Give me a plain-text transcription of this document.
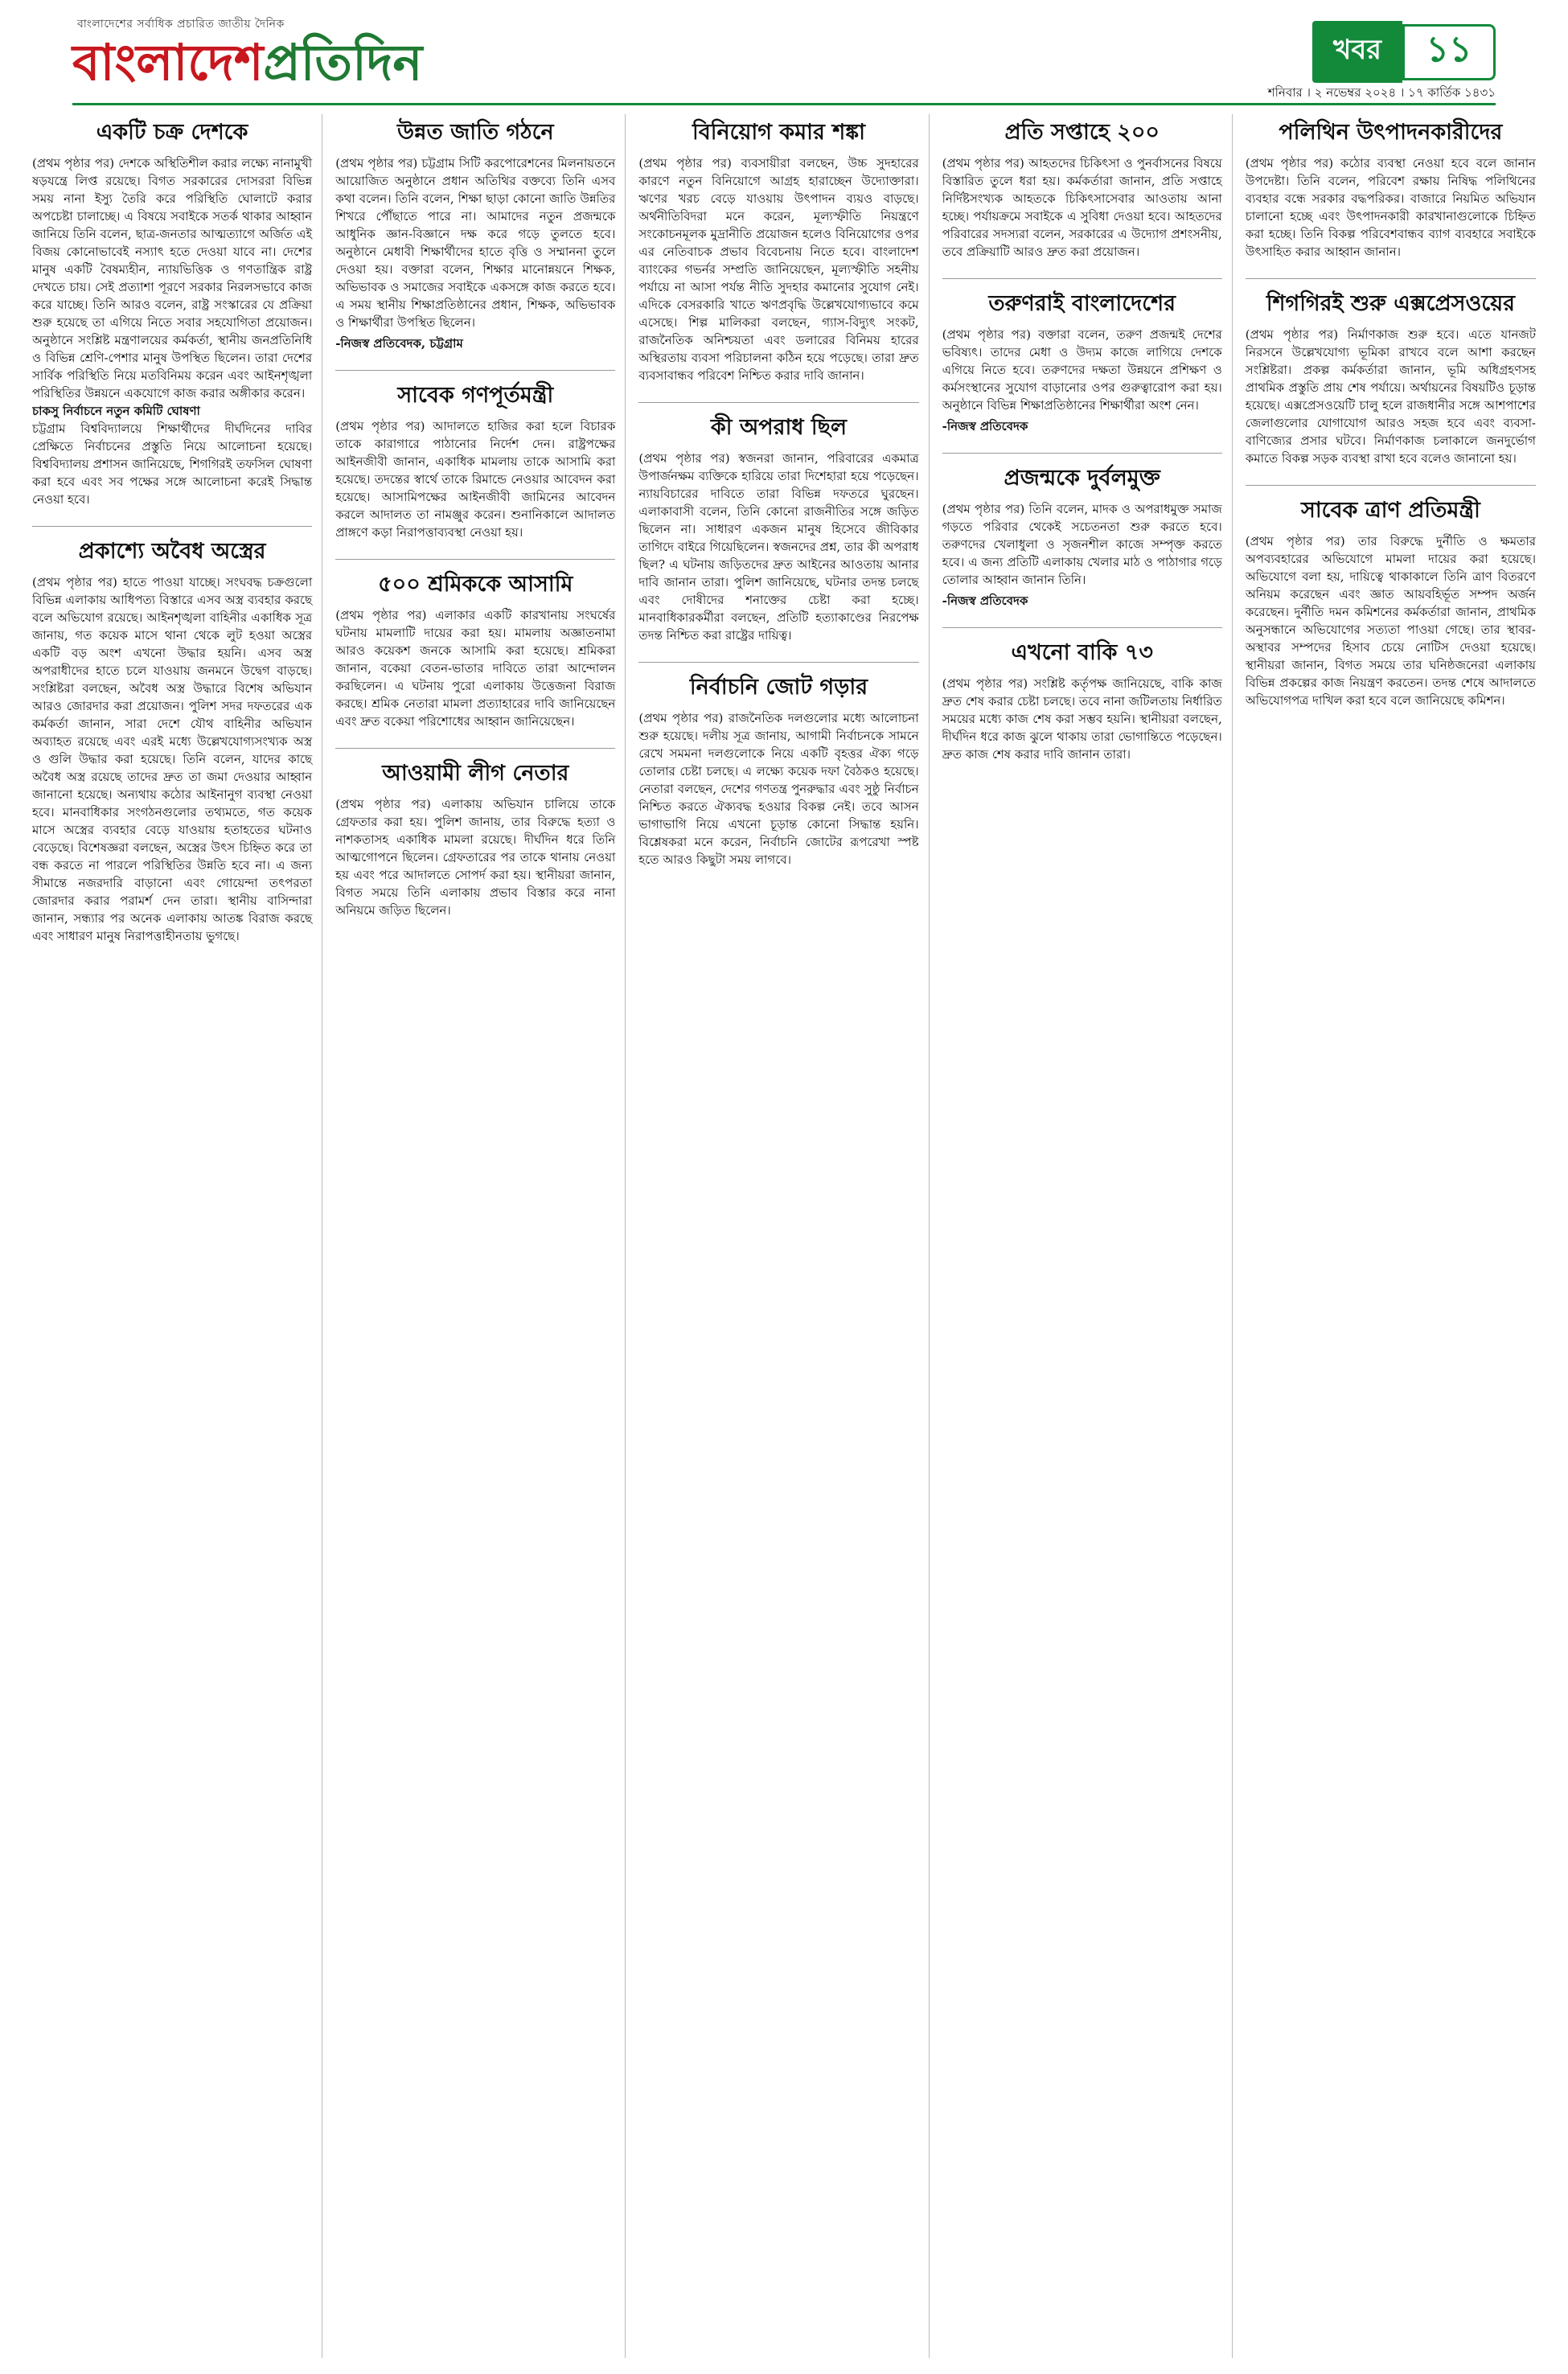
বাংলাদেশের সর্বাধিক প্রচারিত জাতীয় দৈনিক
বাংলাদেশপ্রতিদিন	খবর	১১
শনিবার । ২ নভেম্বর ২০২৪ । ১৭ কার্তিক ১৪৩১
একটি চক্র দেশকে

(প্রথম পৃষ্ঠার পর) দেশকে অস্থিতিশীল করার লক্ষ্যে নানামুখী ষড়যন্ত্রে লিপ্ত রয়েছে। বিগত সরকারের দোসররা বিভিন্ন সময় নানা ইস্যু তৈরি করে পরিস্থিতি ঘোলাটে করার অপচেষ্টা চালাচ্ছে। এ বিষয়ে সবাইকে সতর্ক থাকার আহ্বান জানিয়ে তিনি বলেন, ছাত্র-জনতার আত্মত্যাগে অর্জিত এই বিজয় কোনোভাবেই নস্যাৎ হতে দেওয়া যাবে না। দেশের মানুষ একটি বৈষম্যহীন, ন্যায়ভিত্তিক ও গণতান্ত্রিক রাষ্ট্র দেখতে চায়। সেই প্রত্যাশা পূরণে সরকার নিরলসভাবে কাজ করে যাচ্ছে। তিনি আরও বলেন, রাষ্ট্র সংস্কারের যে প্রক্রিয়া শুরু হয়েছে তা এগিয়ে নিতে সবার সহযোগিতা প্রয়োজন। অনুষ্ঠানে সংশ্লিষ্ট মন্ত্রণালয়ের কর্মকর্তা, স্থানীয় জনপ্রতিনিধি ও বিভিন্ন শ্রেণি-পেশার মানুষ উপস্থিত ছিলেন। তারা দেশের সার্বিক পরিস্থিতি নিয়ে মতবিনিময় করেন এবং আইনশৃঙ্খলা পরিস্থিতির উন্নয়নে একযোগে কাজ করার অঙ্গীকার করেন।

চাকসু নির্বাচনে নতুন কমিটি ঘোষণা

চট্টগ্রাম বিশ্ববিদ্যালয়ে শিক্ষার্থীদের দীর্ঘদিনের দাবির প্রেক্ষিতে নির্বাচনের প্রস্তুতি নিয়ে আলোচনা হয়েছে। বিশ্ববিদ্যালয় প্রশাসন জানিয়েছে, শিগগিরই তফসিল ঘোষণা করা হবে এবং সব পক্ষের সঙ্গে আলোচনা করেই সিদ্ধান্ত নেওয়া হবে।

প্রকাশ্যে অবৈধ অস্ত্রের

(প্রথম পৃষ্ঠার পর) হাতে পাওয়া যাচ্ছে। সংঘবদ্ধ চক্রগুলো বিভিন্ন এলাকায় আধিপত্য বিস্তারে এসব অস্ত্র ব্যবহার করছে বলে অভিযোগ রয়েছে। আইনশৃঙ্খলা বাহিনীর একাধিক সূত্র জানায়, গত কয়েক মাসে থানা থেকে লুট হওয়া অস্ত্রের একটি বড় অংশ এখনো উদ্ধার হয়নি। এসব অস্ত্র অপরাধীদের হাতে চলে যাওয়ায় জনমনে উদ্বেগ বাড়ছে। সংশ্লিষ্টরা বলছেন, অবৈধ অস্ত্র উদ্ধারে বিশেষ অভিযান আরও জোরদার করা প্রয়োজন। পুলিশ সদর দফতরের এক কর্মকর্তা জানান, সারা দেশে যৌথ বাহিনীর অভিযান অব্যাহত রয়েছে এবং এরই মধ্যে উল্লেখযোগ্যসংখ্যক অস্ত্র ও গুলি উদ্ধার করা হয়েছে। তিনি বলেন, যাদের কাছে অবৈধ অস্ত্র রয়েছে তাদের দ্রুত তা জমা দেওয়ার আহ্বান জানানো হয়েছে। অন্যথায় কঠোর আইনানুগ ব্যবস্থা নেওয়া হবে। মানবাধিকার সংগঠনগুলোর তথ্যমতে, গত কয়েক মাসে অস্ত্রের ব্যবহার বেড়ে যাওয়ায় হতাহতের ঘটনাও বেড়েছে। বিশেষজ্ঞরা বলছেন, অস্ত্রের উৎস চিহ্নিত করে তা বন্ধ করতে না পারলে পরিস্থিতির উন্নতি হবে না। এ জন্য সীমান্তে নজরদারি বাড়ানো এবং গোয়েন্দা তৎপরতা জোরদার করার পরামর্শ দেন তারা। স্থানীয় বাসিন্দারা জানান, সন্ধ্যার পর অনেক এলাকায় আতঙ্ক বিরাজ করছে এবং সাধারণ মানুষ নিরাপত্তাহীনতায় ভুগছে।

উন্নত জাতি গঠনে

(প্রথম পৃষ্ঠার পর) চট্টগ্রাম সিটি করপোরেশনের মিলনায়তনে আয়োজিত অনুষ্ঠানে প্রধান অতিথির বক্তব্যে তিনি এসব কথা বলেন। তিনি বলেন, শিক্ষা ছাড়া কোনো জাতি উন্নতির শিখরে পৌঁছাতে পারে না। আমাদের নতুন প্রজন্মকে আধুনিক জ্ঞান-বিজ্ঞানে দক্ষ করে গড়ে তুলতে হবে। অনুষ্ঠানে মেধাবী শিক্ষার্থীদের হাতে বৃত্তি ও সম্মাননা তুলে দেওয়া হয়। বক্তারা বলেন, শিক্ষার মানোন্নয়নে শিক্ষক, অভিভাবক ও সমাজের সবাইকে একসঙ্গে কাজ করতে হবে। এ সময় স্থানীয় শিক্ষাপ্রতিষ্ঠানের প্রধান, শিক্ষক, অভিভাবক ও শিক্ষার্থীরা উপস্থিত ছিলেন।

-নিজস্ব প্রতিবেদক, চট্টগ্রাম
সাবেক গণপূর্তমন্ত্রী

(প্রথম পৃষ্ঠার পর) আদালতে হাজির করা হলে বিচারক তাকে কারাগারে পাঠানোর নির্দেশ দেন। রাষ্ট্রপক্ষের আইনজীবী জানান, একাধিক মামলায় তাকে আসামি করা হয়েছে। তদন্তের স্বার্থে তাকে রিমান্ডে নেওয়ার আবেদন করা হয়েছে। আসামিপক্ষের আইনজীবী জামিনের আবেদন করলে আদালত তা নামঞ্জুর করেন। শুনানিকালে আদালত প্রাঙ্গণে কড়া নিরাপত্তাব্যবস্থা নেওয়া হয়।

৫০০ শ্রমিককে আসামি

(প্রথম পৃষ্ঠার পর) এলাকার একটি কারখানায় সংঘর্ষের ঘটনায় মামলাটি দায়ের করা হয়। মামলায় অজ্ঞাতনামা আরও কয়েকশ জনকে আসামি করা হয়েছে। শ্রমিকরা জানান, বকেয়া বেতন-ভাতার দাবিতে তারা আন্দোলন করছিলেন। এ ঘটনায় পুরো এলাকায় উত্তেজনা বিরাজ করছে। শ্রমিক নেতারা মামলা প্রত্যাহারের দাবি জানিয়েছেন এবং দ্রুত বকেয়া পরিশোধের আহ্বান জানিয়েছেন।

আওয়ামী লীগ নেতার

(প্রথম পৃষ্ঠার পর) এলাকায় অভিযান চালিয়ে তাকে গ্রেফতার করা হয়। পুলিশ জানায়, তার বিরুদ্ধে হত্যা ও নাশকতাসহ একাধিক মামলা রয়েছে। দীর্ঘদিন ধরে তিনি আত্মগোপনে ছিলেন। গ্রেফতারের পর তাকে থানায় নেওয়া হয় এবং পরে আদালতে সোপর্দ করা হয়। স্থানীয়রা জানান, বিগত সময়ে তিনি এলাকায় প্রভাব বিস্তার করে নানা অনিয়মে জড়িত ছিলেন।

বিনিয়োগ কমার শঙ্কা

(প্রথম পৃষ্ঠার পর) ব্যবসায়ীরা বলছেন, উচ্চ সুদহারের কারণে নতুন বিনিয়োগে আগ্রহ হারাচ্ছেন উদ্যোক্তারা। ঋণের খরচ বেড়ে যাওয়ায় উৎপাদন ব্যয়ও বাড়ছে। অর্থনীতিবিদরা মনে করেন, মূল্যস্ফীতি নিয়ন্ত্রণে সংকোচনমূলক মুদ্রানীতি প্রয়োজন হলেও বিনিয়োগের ওপর এর নেতিবাচক প্রভাব বিবেচনায় নিতে হবে। বাংলাদেশ ব্যাংকের গভর্নর সম্প্রতি জানিয়েছেন, মূল্যস্ফীতি সহনীয় পর্যায়ে না আসা পর্যন্ত নীতি সুদহার কমানোর সুযোগ নেই। এদিকে বেসরকারি খাতে ঋণপ্রবৃদ্ধি উল্লেখযোগ্যভাবে কমে এসেছে। শিল্প মালিকরা বলছেন, গ্যাস-বিদ্যুৎ সংকট, রাজনৈতিক অনিশ্চয়তা এবং ডলারের বিনিময় হারের অস্থিরতায় ব্যবসা পরিচালনা কঠিন হয়ে পড়েছে। তারা দ্রুত ব্যবসাবান্ধব পরিবেশ নিশ্চিত করার দাবি জানান।

কী অপরাধ ছিল

(প্রথম পৃষ্ঠার পর) স্বজনরা জানান, পরিবারের একমাত্র উপার্জনক্ষম ব্যক্তিকে হারিয়ে তারা দিশেহারা হয়ে পড়েছেন। ন্যায়বিচারের দাবিতে তারা বিভিন্ন দফতরে ঘুরছেন। এলাকাবাসী বলেন, তিনি কোনো রাজনীতির সঙ্গে জড়িত ছিলেন না। সাধারণ একজন মানুষ হিসেবে জীবিকার তাগিদে বাইরে গিয়েছিলেন। স্বজনদের প্রশ্ন, তার কী অপরাধ ছিল? এ ঘটনায় জড়িতদের দ্রুত আইনের আওতায় আনার দাবি জানান তারা। পুলিশ জানিয়েছে, ঘটনার তদন্ত চলছে এবং দোষীদের শনাক্তের চেষ্টা করা হচ্ছে। মানবাধিকারকর্মীরা বলছেন, প্রতিটি হত্যাকাণ্ডের নিরপেক্ষ তদন্ত নিশ্চিত করা রাষ্ট্রের দায়িত্ব।

নির্বাচনি জোট গড়ার

(প্রথম পৃষ্ঠার পর) রাজনৈতিক দলগুলোর মধ্যে আলোচনা শুরু হয়েছে। দলীয় সূত্র জানায়, আগামী নির্বাচনকে সামনে রেখে সমমনা দলগুলোকে নিয়ে একটি বৃহত্তর ঐক্য গড়ে তোলার চেষ্টা চলছে। এ লক্ষ্যে কয়েক দফা বৈঠকও হয়েছে। নেতারা বলছেন, দেশের গণতন্ত্র পুনরুদ্ধার এবং সুষ্ঠু নির্বাচন নিশ্চিত করতে ঐক্যবদ্ধ হওয়ার বিকল্প নেই। তবে আসন ভাগাভাগি নিয়ে এখনো চূড়ান্ত কোনো সিদ্ধান্ত হয়নি। বিশ্লেষকরা মনে করেন, নির্বাচনি জোটের রূপরেখা স্পষ্ট হতে আরও কিছুটা সময় লাগবে।

প্রতি সপ্তাহে ২০০

(প্রথম পৃষ্ঠার পর) আহতদের চিকিৎসা ও পুনর্বাসনের বিষয়ে বিস্তারিত তুলে ধরা হয়। কর্মকর্তারা জানান, প্রতি সপ্তাহে নির্দিষ্টসংখ্যক আহতকে চিকিৎসাসেবার আওতায় আনা হচ্ছে। পর্যায়ক্রমে সবাইকে এ সুবিধা দেওয়া হবে। আহতদের পরিবারের সদস্যরা বলেন, সরকারের এ উদ্যোগ প্রশংসনীয়, তবে প্রক্রিয়াটি আরও দ্রুত করা প্রয়োজন।

তরুণরাই বাংলাদেশের

(প্রথম পৃষ্ঠার পর) বক্তারা বলেন, তরুণ প্রজন্মই দেশের ভবিষ্যৎ। তাদের মেধা ও উদ্যম কাজে লাগিয়ে দেশকে এগিয়ে নিতে হবে। তরুণদের দক্ষতা উন্নয়নে প্রশিক্ষণ ও কর্মসংস্থানের সুযোগ বাড়ানোর ওপর গুরুত্বারোপ করা হয়। অনুষ্ঠানে বিভিন্ন শিক্ষাপ্রতিষ্ঠানের শিক্ষার্থীরা অংশ নেন।

-নিজস্ব প্রতিবেদক
প্রজন্মকে দুর্বলমুক্ত

(প্রথম পৃষ্ঠার পর) তিনি বলেন, মাদক ও অপরাধমুক্ত সমাজ গড়তে পরিবার থেকেই সচেতনতা শুরু করতে হবে। তরুণদের খেলাধুলা ও সৃজনশীল কাজে সম্পৃক্ত করতে হবে। এ জন্য প্রতিটি এলাকায় খেলার মাঠ ও পাঠাগার গড়ে তোলার আহ্বান জানান তিনি।

-নিজস্ব প্রতিবেদক
এখনো বাকি ৭৩

(প্রথম পৃষ্ঠার পর) সংশ্লিষ্ট কর্তৃপক্ষ জানিয়েছে, বাকি কাজ দ্রুত শেষ করার চেষ্টা চলছে। তবে নানা জটিলতায় নির্ধারিত সময়ের মধ্যে কাজ শেষ করা সম্ভব হয়নি। স্থানীয়রা বলছেন, দীর্ঘদিন ধরে কাজ ঝুলে থাকায় তারা ভোগান্তিতে পড়েছেন। দ্রুত কাজ শেষ করার দাবি জানান তারা।

পলিথিন উৎপাদনকারীদের

(প্রথম পৃষ্ঠার পর) কঠোর ব্যবস্থা নেওয়া হবে বলে জানান উপদেষ্টা। তিনি বলেন, পরিবেশ রক্ষায় নিষিদ্ধ পলিথিনের ব্যবহার বন্ধে সরকার বদ্ধপরিকর। বাজারে নিয়মিত অভিযান চালানো হচ্ছে এবং উৎপাদনকারী কারখানাগুলোকে চিহ্নিত করা হচ্ছে। তিনি বিকল্প পরিবেশবান্ধব ব্যাগ ব্যবহারে সবাইকে উৎসাহিত করার আহ্বান জানান।

শিগগিরই শুরু এক্সপ্রেসওয়ের

(প্রথম পৃষ্ঠার পর) নির্মাণকাজ শুরু হবে। এতে যানজট নিরসনে উল্লেখযোগ্য ভূমিকা রাখবে বলে আশা করছেন সংশ্লিষ্টরা। প্রকল্প কর্মকর্তারা জানান, ভূমি অধিগ্রহণসহ প্রাথমিক প্রস্তুতি প্রায় শেষ পর্যায়ে। অর্থায়নের বিষয়টিও চূড়ান্ত হয়েছে। এক্সপ্রেসওয়েটি চালু হলে রাজধানীর সঙ্গে আশপাশের জেলাগুলোর যোগাযোগ আরও সহজ হবে এবং ব্যবসা-বাণিজ্যের প্রসার ঘটবে। নির্মাণকাজ চলাকালে জনদুর্ভোগ কমাতে বিকল্প সড়ক ব্যবস্থা রাখা হবে বলেও জানানো হয়।

সাবেক ত্রাণ প্রতিমন্ত্রী

(প্রথম পৃষ্ঠার পর) তার বিরুদ্ধে দুর্নীতি ও ক্ষমতার অপব্যবহারের অভিযোগে মামলা দায়ের করা হয়েছে। অভিযোগে বলা হয়, দায়িত্বে থাকাকালে তিনি ত্রাণ বিতরণে অনিয়ম করেছেন এবং জ্ঞাত আয়বহির্ভূত সম্পদ অর্জন করেছেন। দুর্নীতি দমন কমিশনের কর্মকর্তারা জানান, প্রাথমিক অনুসন্ধানে অভিযোগের সত্যতা পাওয়া গেছে। তার স্থাবর-অস্থাবর সম্পদের হিসাব চেয়ে নোটিস দেওয়া হয়েছে। স্থানীয়রা জানান, বিগত সময়ে তার ঘনিষ্ঠজনেরা এলাকায় বিভিন্ন প্রকল্পের কাজ নিয়ন্ত্রণ করতেন। তদন্ত শেষে আদালতে অভিযোগপত্র দাখিল করা হবে বলে জানিয়েছে কমিশন।
